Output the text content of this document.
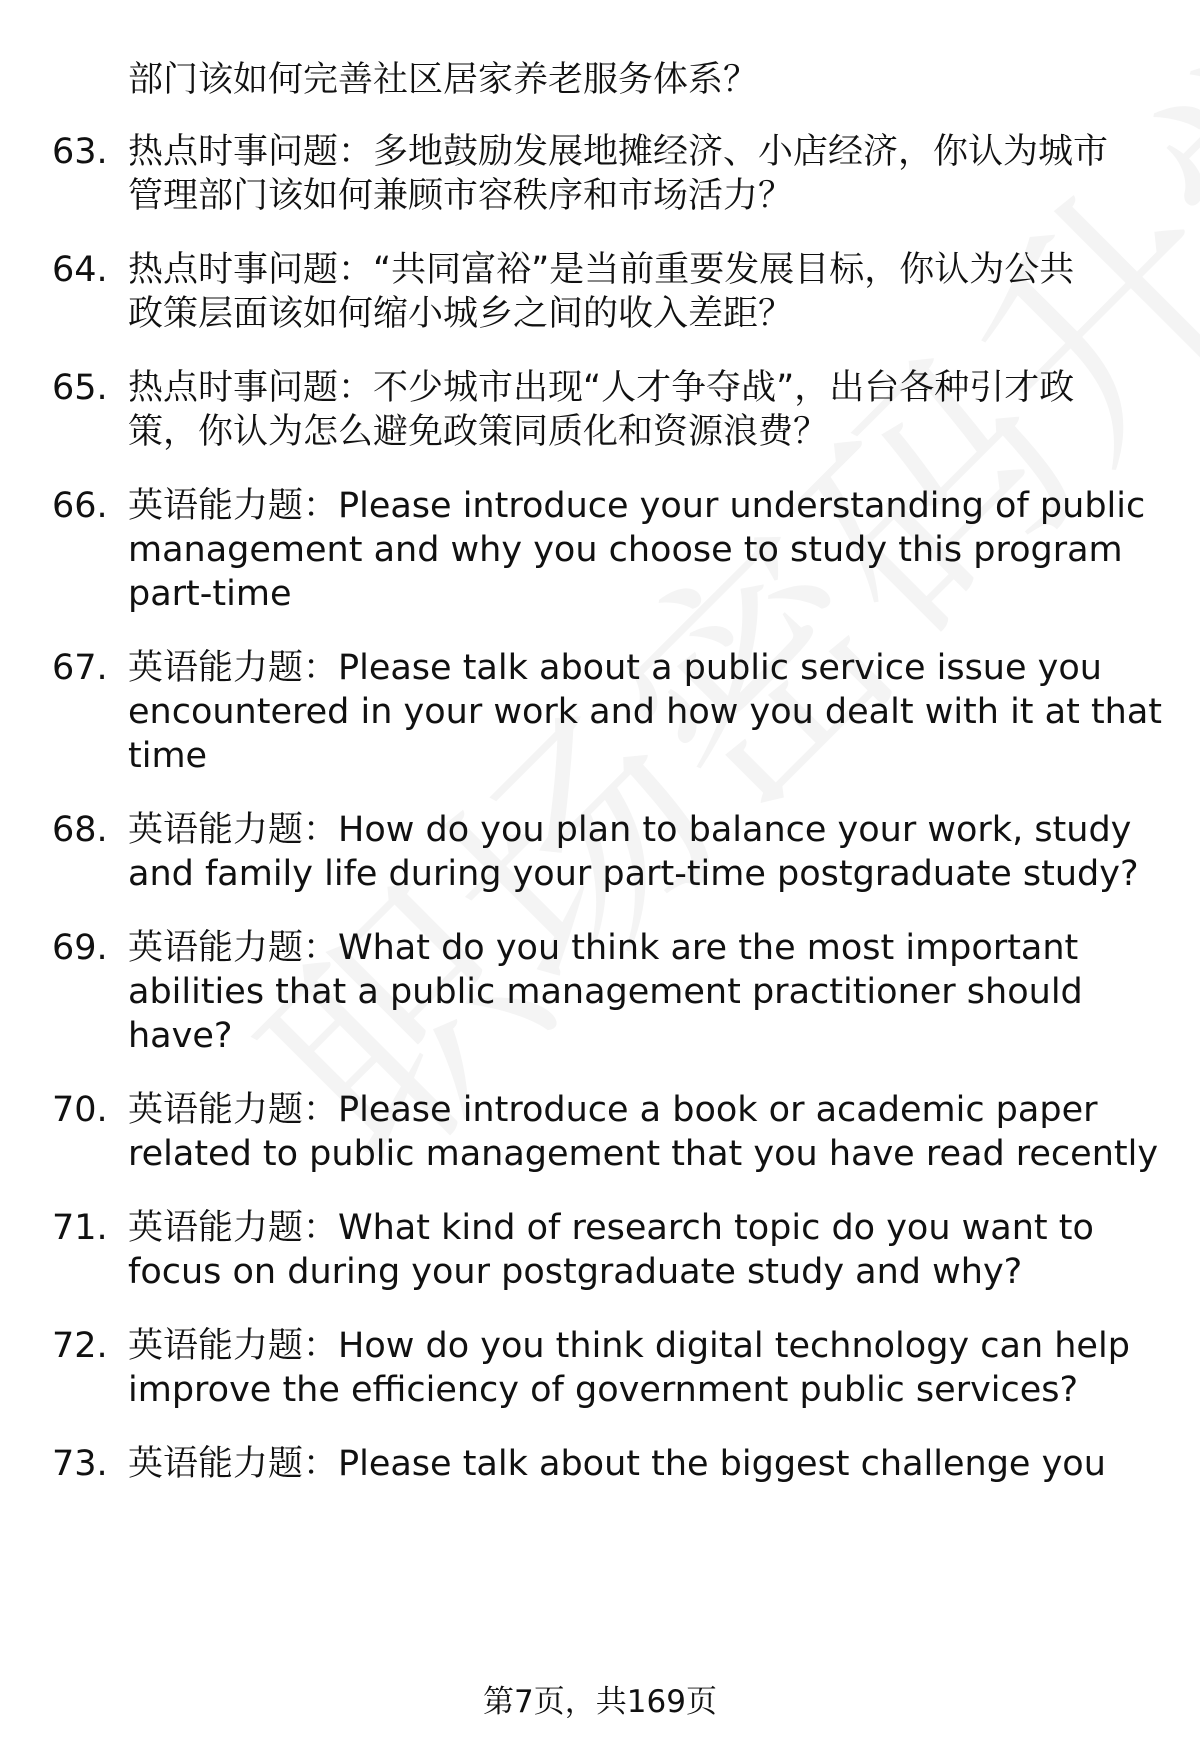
部门该如何完善社区居家养老服务体系？
63. 热点时事问题：多地鼓励发展地摊经济、小店经济，你认为城市
管理部门该如何兼顾市容秩序和市场活力？
64. 热点时事问题：“共同富裕”是当前重要发展目标，你认为公共
政策层面该如何缩小城乡之间的收入差距？
65. 热点时事问题：不少城市出现“人才争夺战”，出台各种引才政
策，你认为怎么避免政策同质化和资源浪费？
66. 英语能力题：Please introduce your understanding of public
management and why you choose to study this program
part-time
67. 英语能力题：Please talk about a public service issue you
encountered in your work and how you dealt with it at that
time
68. 英语能力题：How do you plan to balance your work, study
and family life during your part-time postgraduate study?
69. 英语能力题：What do you think are the most important
abilities that a public management practitioner should
have?
70. 英语能力题：Please introduce a book or academic paper
related to public management that you have read recently
71. 英语能力题：What kind of research topic do you want to
focus on during your postgraduate study and why?
72. 英语能力题：How do you think digital technology can help
improve the efficiency of government public services?
73. 英语能力题：Please talk about the biggest challenge you
第7页，共169页
